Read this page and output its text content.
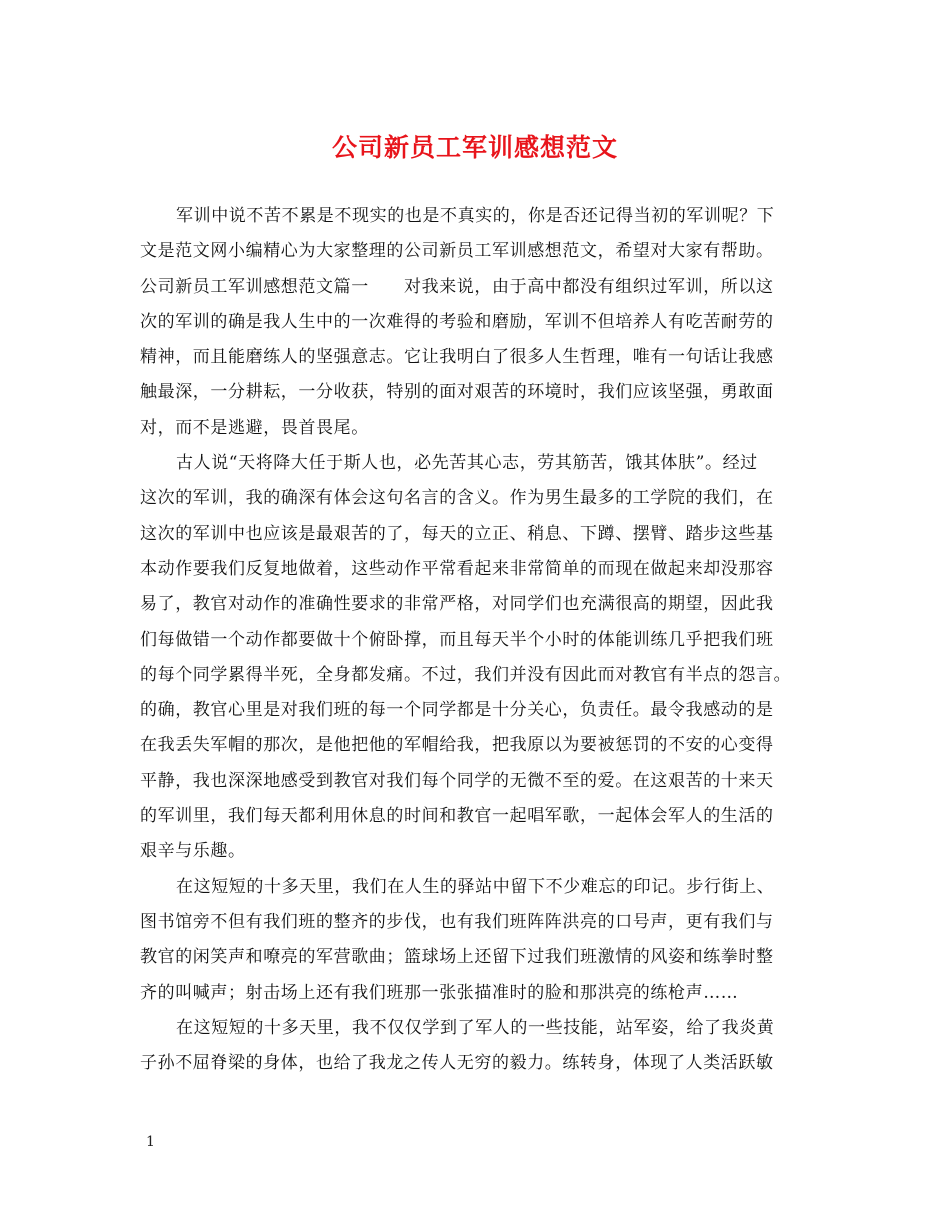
公司新员工军训感想范文
军训中说不苦不累是不现实的也是不真实的，你是否还记得当初的军训呢？下
文是范文网小编精心为大家整理的公司新员工军训感想范文，希望对大家有帮助。
公司新员工军训感想范文篇一　　对我来说，由于高中都没有组织过军训，所以这
次的军训的确是我人生中的一次难得的考验和磨励，军训不但培养人有吃苦耐劳的
精神，而且能磨练人的坚强意志。它让我明白了很多人生哲理，唯有一句话让我感
触最深，一分耕耘，一分收获，特别的面对艰苦的环境时，我们应该坚强，勇敢面
对，而不是逃避，畏首畏尾。
古人说“天将降大任于斯人也，必先苦其心志，劳其筋苦，饿其体肤”。经过
这次的军训，我的确深有体会这句名言的含义。作为男生最多的工学院的我们，在
这次的军训中也应该是最艰苦的了，每天的立正、稍息、下蹲、摆臂、踏步这些基
本动作要我们反复地做着，这些动作平常看起来非常简单的而现在做起来却没那容
易了，教官对动作的准确性要求的非常严格，对同学们也充满很高的期望，因此我
们每做错一个动作都要做十个俯卧撑，而且每天半个小时的体能训练几乎把我们班
的每个同学累得半死，全身都发痛。不过，我们并没有因此而对教官有半点的怨言。
的确，教官心里是对我们班的每一个同学都是十分关心，负责任。最令我感动的是
在我丢失军帽的那次，是他把他的军帽给我，把我原以为要被惩罚的不安的心变得
平静，我也深深地感受到教官对我们每个同学的无微不至的爱。在这艰苦的十来天
的军训里，我们每天都利用休息的时间和教官一起唱军歌，一起体会军人的生活的
艰辛与乐趣。
在这短短的十多天里，我们在人生的驿站中留下不少难忘的印记。步行街上、
图书馆旁不但有我们班的整齐的步伐，也有我们班阵阵洪亮的口号声，更有我们与
教官的闲笑声和嘹亮的军营歌曲；篮球场上还留下过我们班激情的风姿和练拳时整
齐的叫喊声；射击场上还有我们班那一张张描准时的脸和那洪亮的练枪声……
在这短短的十多天里，我不仅仅学到了军人的一些技能，站军姿，给了我炎黄
子孙不屈脊梁的身体，也给了我龙之传人无穷的毅力。练转身，体现了人类活跃敏
1
